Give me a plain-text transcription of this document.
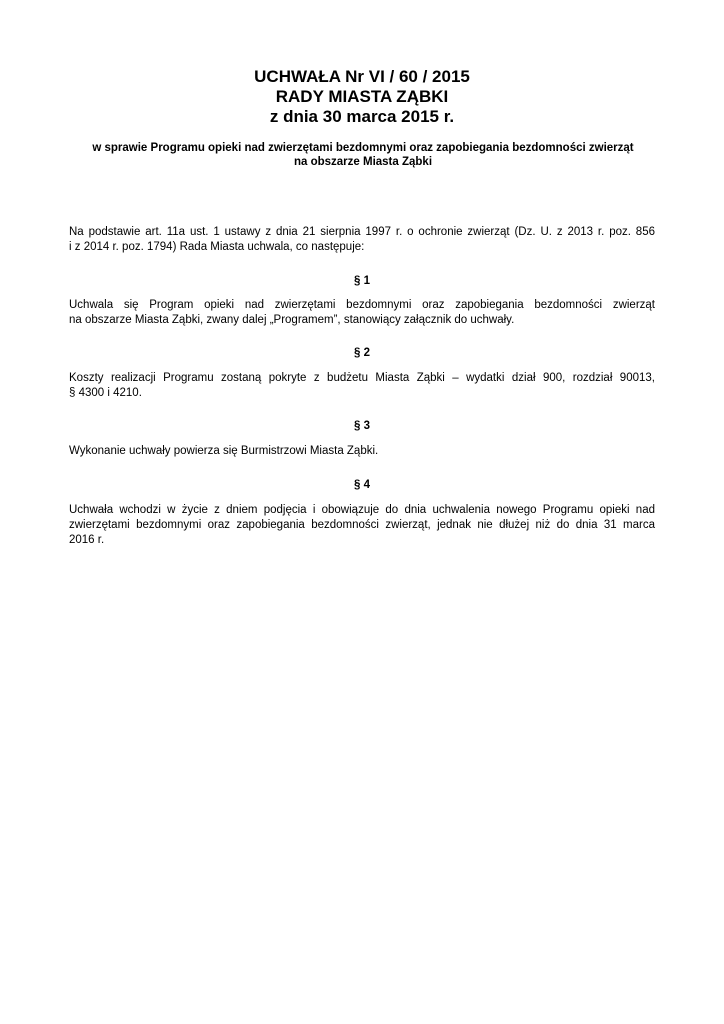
UCHWAŁA Nr VI / 60 / 2015
RADY MIASTA ZĄBKI
z dnia 30 marca 2015 r.
w sprawie Programu opieki nad zwierzętami bezdomnymi oraz zapobiegania bezdomności zwierząt
na obszarze Miasta Ząbki
Na podstawie art. 11a ust. 1 ustawy z dnia 21 sierpnia 1997 r. o ochronie zwierząt (Dz. U. z 2013 r. poz. 856
i z 2014 r. poz. 1794) Rada Miasta uchwala, co następuje:
§ 1
Uchwala się Program opieki nad zwierzętami bezdomnymi oraz zapobiegania bezdomności zwierząt
na obszarze Miasta Ząbki, zwany dalej „Programem”, stanowiący załącznik do uchwały.
§ 2
Koszty realizacji Programu zostaną pokryte z budżetu Miasta Ząbki – wydatki dział 900, rozdział 90013,
§ 4300 i 4210.
§ 3
Wykonanie uchwały powierza się Burmistrzowi Miasta Ząbki.
§ 4
Uchwała wchodzi w życie z dniem podjęcia i obowiązuje do dnia uchwalenia nowego Programu opieki nad
zwierzętami bezdomnymi oraz zapobiegania bezdomności zwierząt, jednak nie dłużej niż do dnia 31 marca
2016 r.
